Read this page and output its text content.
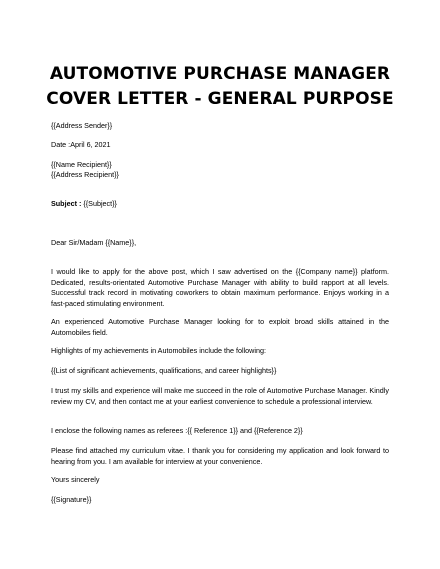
AUTOMOTIVE PURCHASE MANAGER
COVER LETTER - GENERAL PURPOSE

{{Address Sender}}

Date :April 6, 2021

{{Name Recipient}}

{{Address Recipient}}

Subject : {{Subject}}

Dear Sir/Madam {{Name}},

I would like to apply for the above post, which I saw advertised on the {{Company name}} platform. Dedicated, results-orientated Automotive Purchase Manager with ability to build rapport at all levels. Successful track record in motivating coworkers to obtain maximum performance. Enjoys working in a fast-paced stimulating environment.

An experienced Automotive Purchase Manager looking for to exploit broad skills attained in the Automobiles field.

Highlights of my achievements in Automobiles include the following:

{{List of significant achievements, qualifications, and career highlights}}

I trust my skills and experience will make me succeed in the role of Automotive Purchase Manager. Kindly review my CV, and then contact me at your earliest convenience to schedule a professional interview.

I enclose the following names as referees :{{ Reference 1}} and {{Reference 2}}

Please find attached my curriculum vitae. I thank you for considering my application and look forward to hearing from you. I am available for interview at your convenience.

Yours sincerely

{{Signature}}
